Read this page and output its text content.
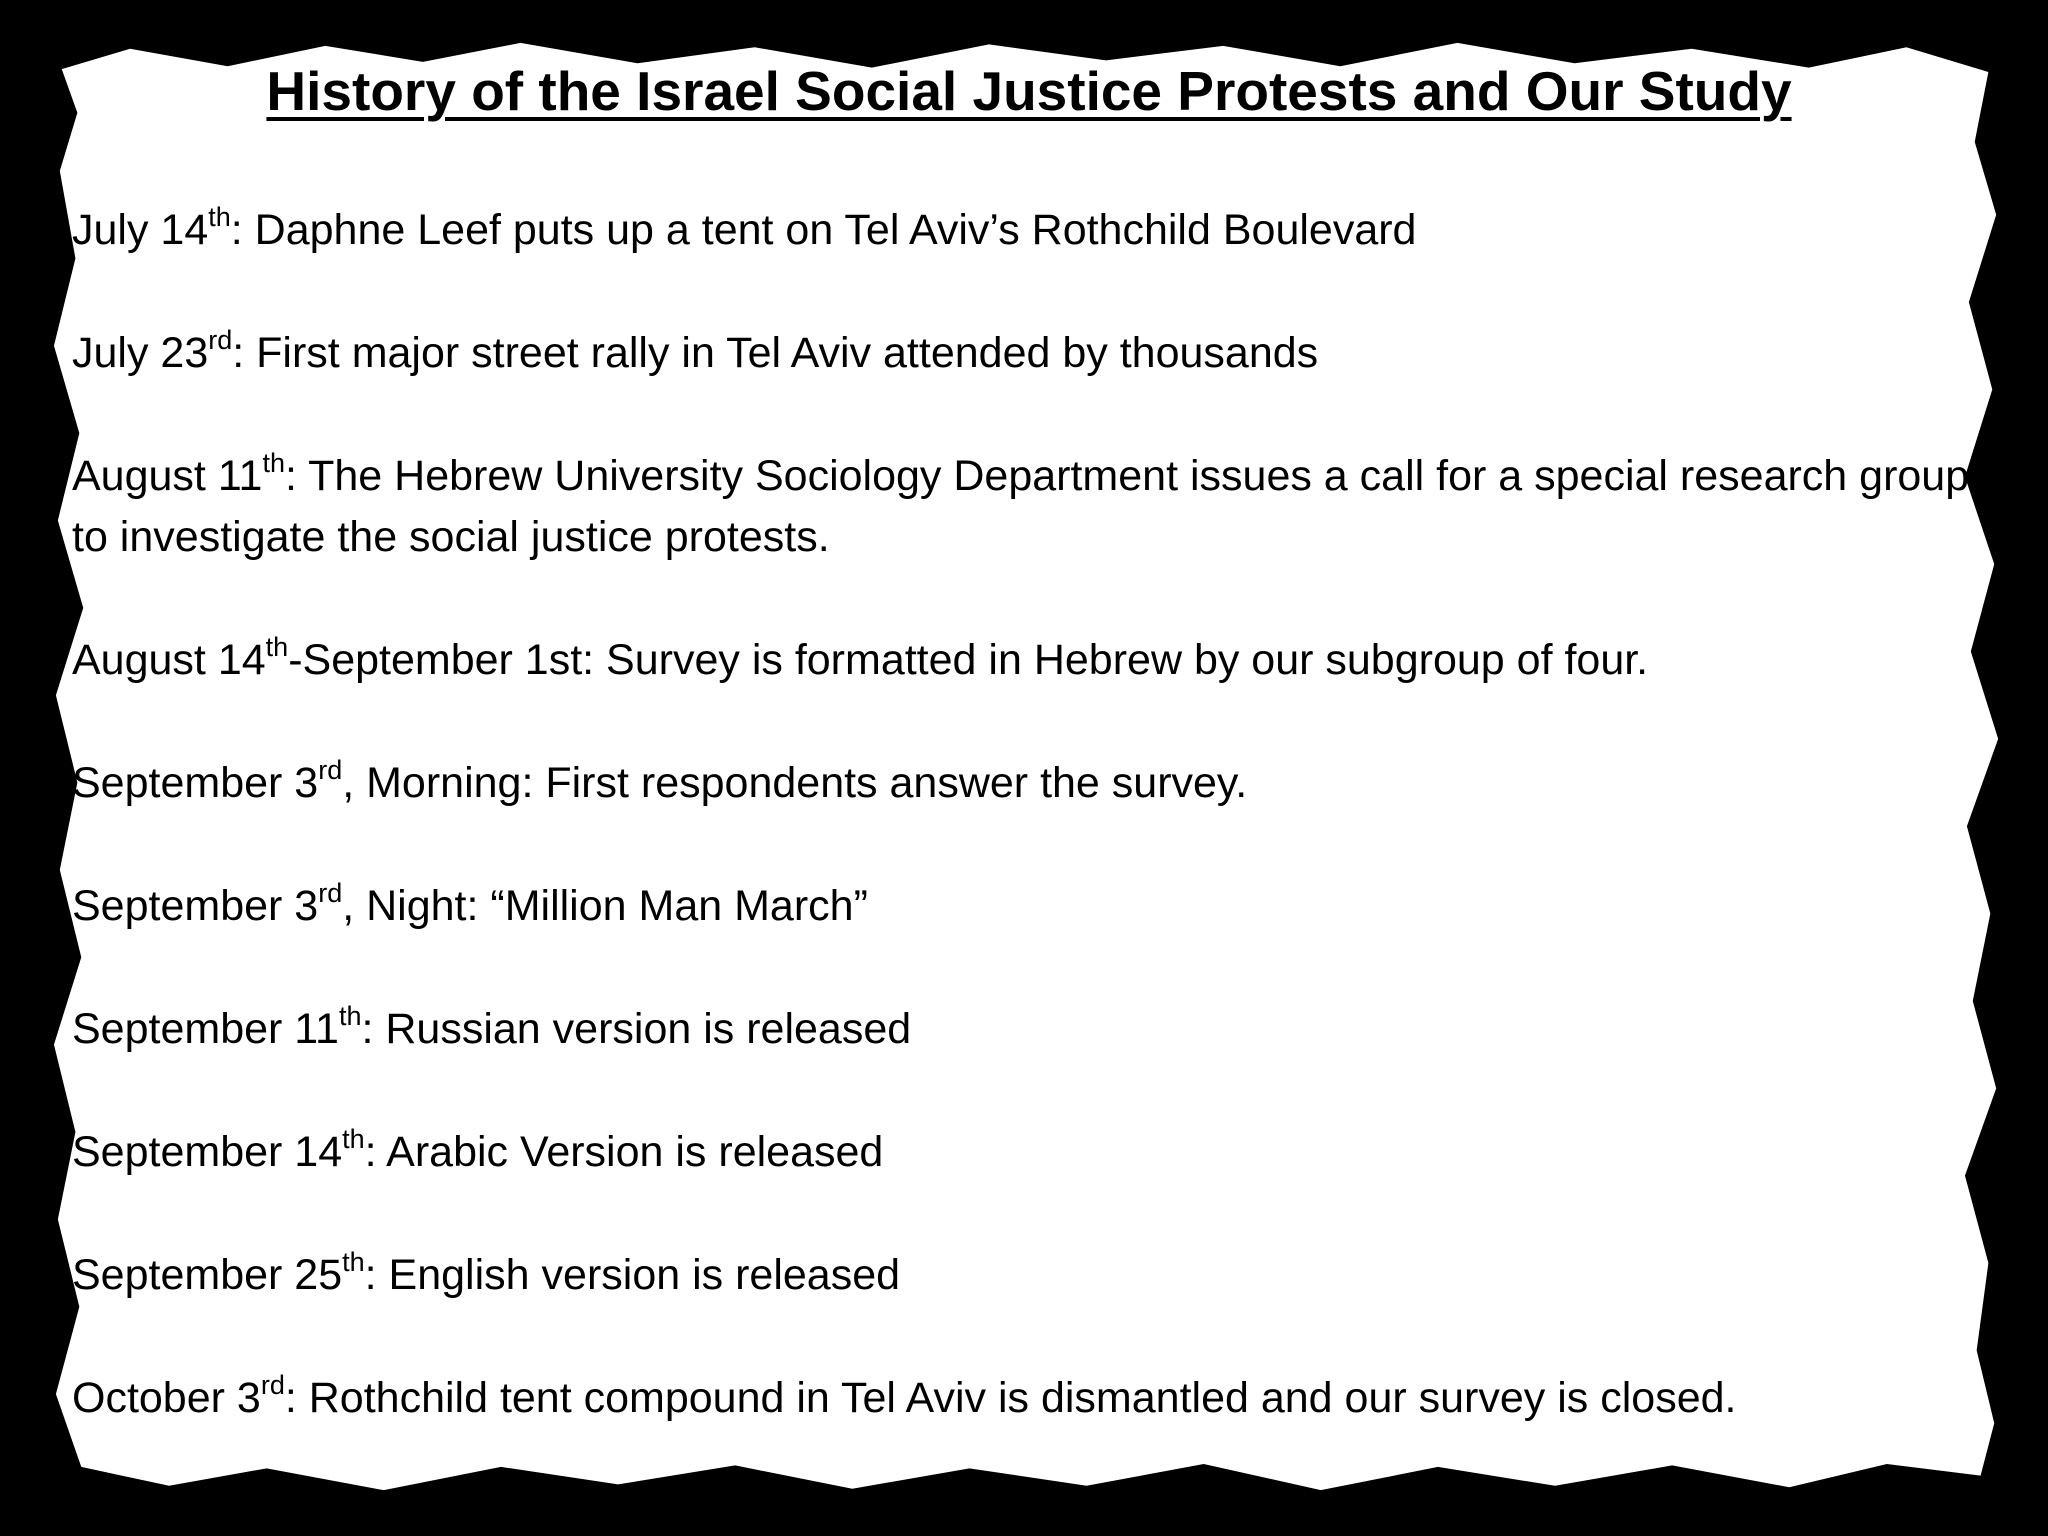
History of the Israel Social Justice Protests and Our Study
July 14th: Daphne Leef puts up a tent on Tel Aviv’s Rothchild Boulevard
July 23rd: First major street rally in Tel Aviv attended by thousands
August 11th: The Hebrew University Sociology Department issues a call for a special research group to investigate the social justice protests.
August 14th-September 1st: Survey is formatted in Hebrew by our subgroup of four.
September 3rd, Morning: First respondents answer the survey.
September 3rd, Night: “Million Man March”
September 11th: Russian version is released
September 14th: Arabic Version is released
September 25th: English version is released
October 3rd: Rothchild tent compound in Tel Aviv is dismantled and our survey is closed.
